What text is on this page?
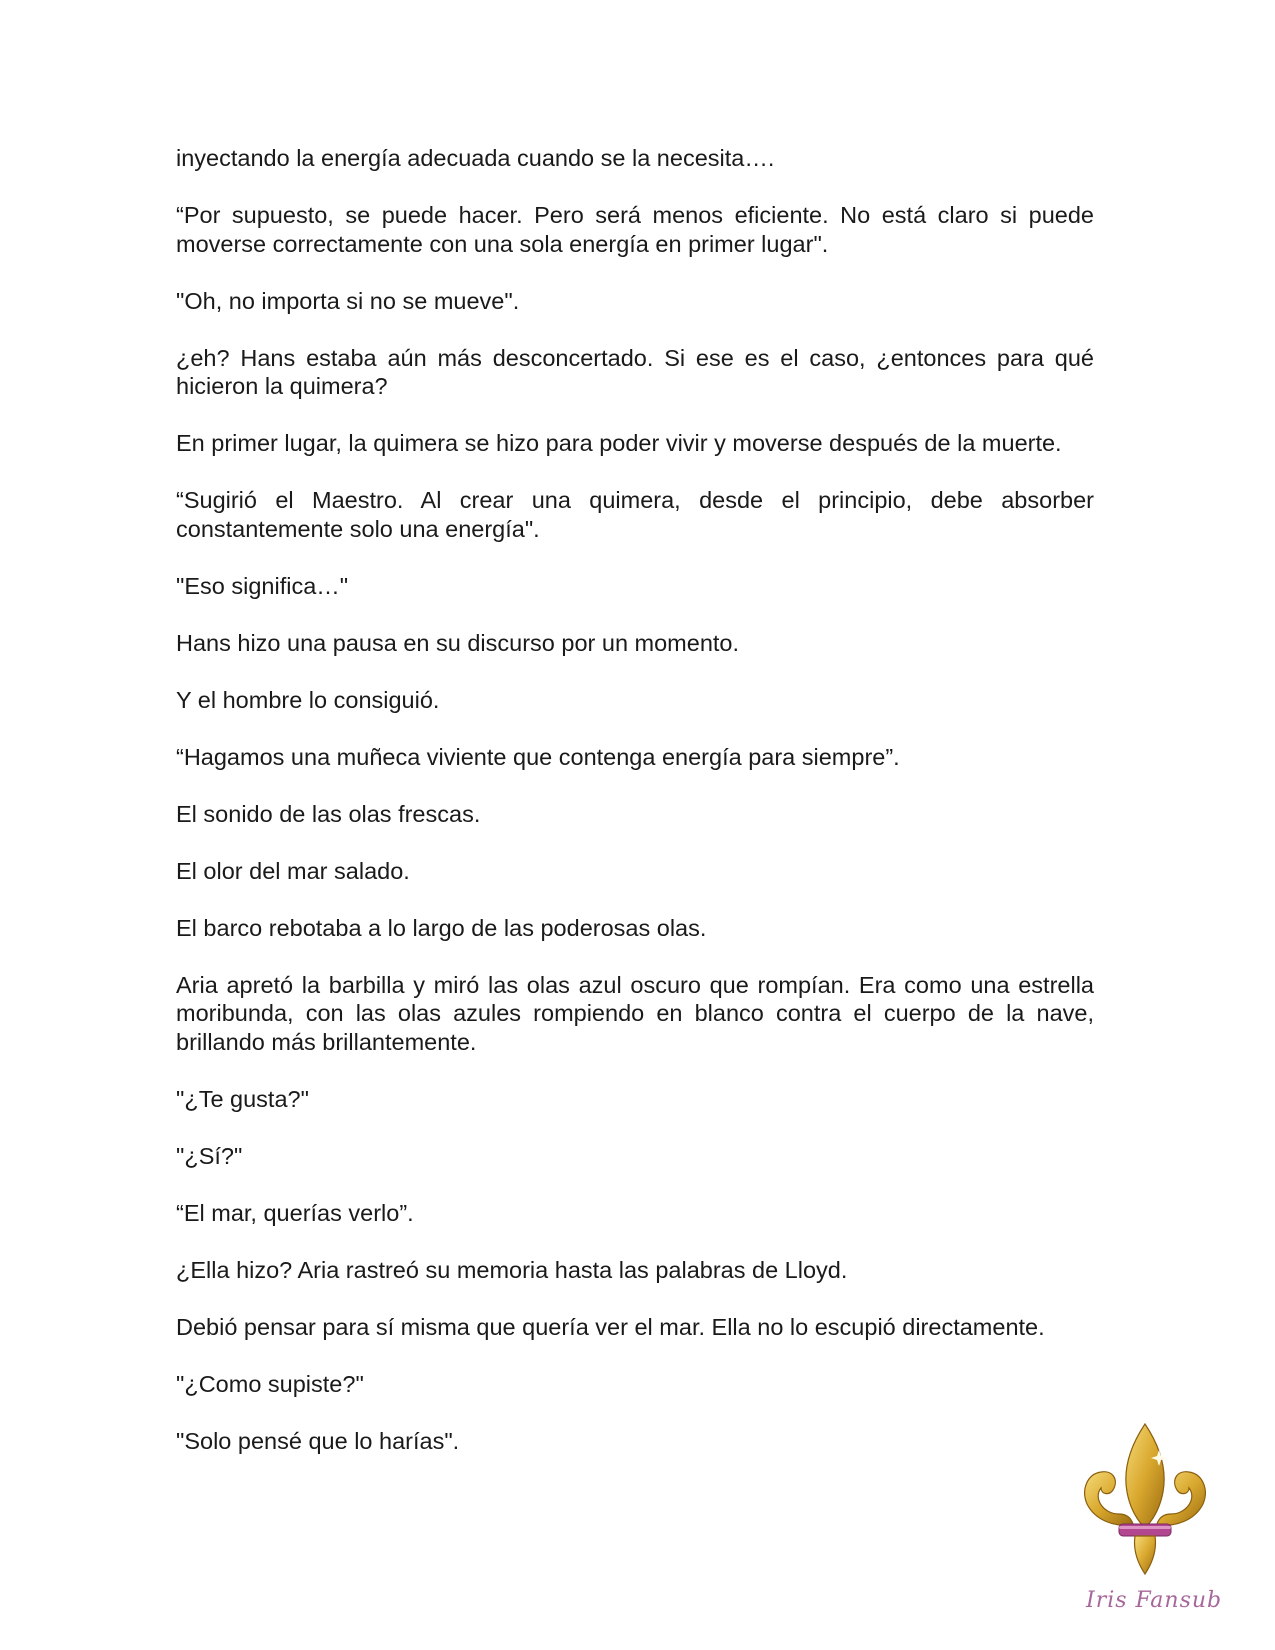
inyectando la energía adecuada cuando se la necesita….

“Por supuesto, se puede hacer. Pero será menos eficiente. No está claro si puede moverse correctamente con una sola energía en primer lugar".

"Oh, no importa si no se mueve".

¿eh? Hans estaba aún más desconcertado. Si ese es el caso, ¿entonces para qué hicieron la quimera?

En primer lugar, la quimera se hizo para poder vivir y moverse después de la muerte.

“Sugirió el Maestro. Al crear una quimera, desde el principio, debe absorber constantemente solo una energía".

"Eso significa…"

Hans hizo una pausa en su discurso por un momento.

Y el hombre lo consiguió.

“Hagamos una muñeca viviente que contenga energía para siempre”.

El sonido de las olas frescas.

El olor del mar salado.

El barco rebotaba a lo largo de las poderosas olas.

Aria apretó la barbilla y miró las olas azul oscuro que rompían. Era como una estrella moribunda, con las olas azules rompiendo en blanco contra el cuerpo de la nave, brillando más brillantemente.

"¿Te gusta?"

"¿Sí?"

“El mar, querías verlo”.

¿Ella hizo? Aria rastreó su memoria hasta las palabras de Lloyd.

Debió pensar para sí misma que quería ver el mar. Ella no lo escupió directamente.

"¿Como supiste?"

"Solo pensé que lo harías".

Iris Fansub
